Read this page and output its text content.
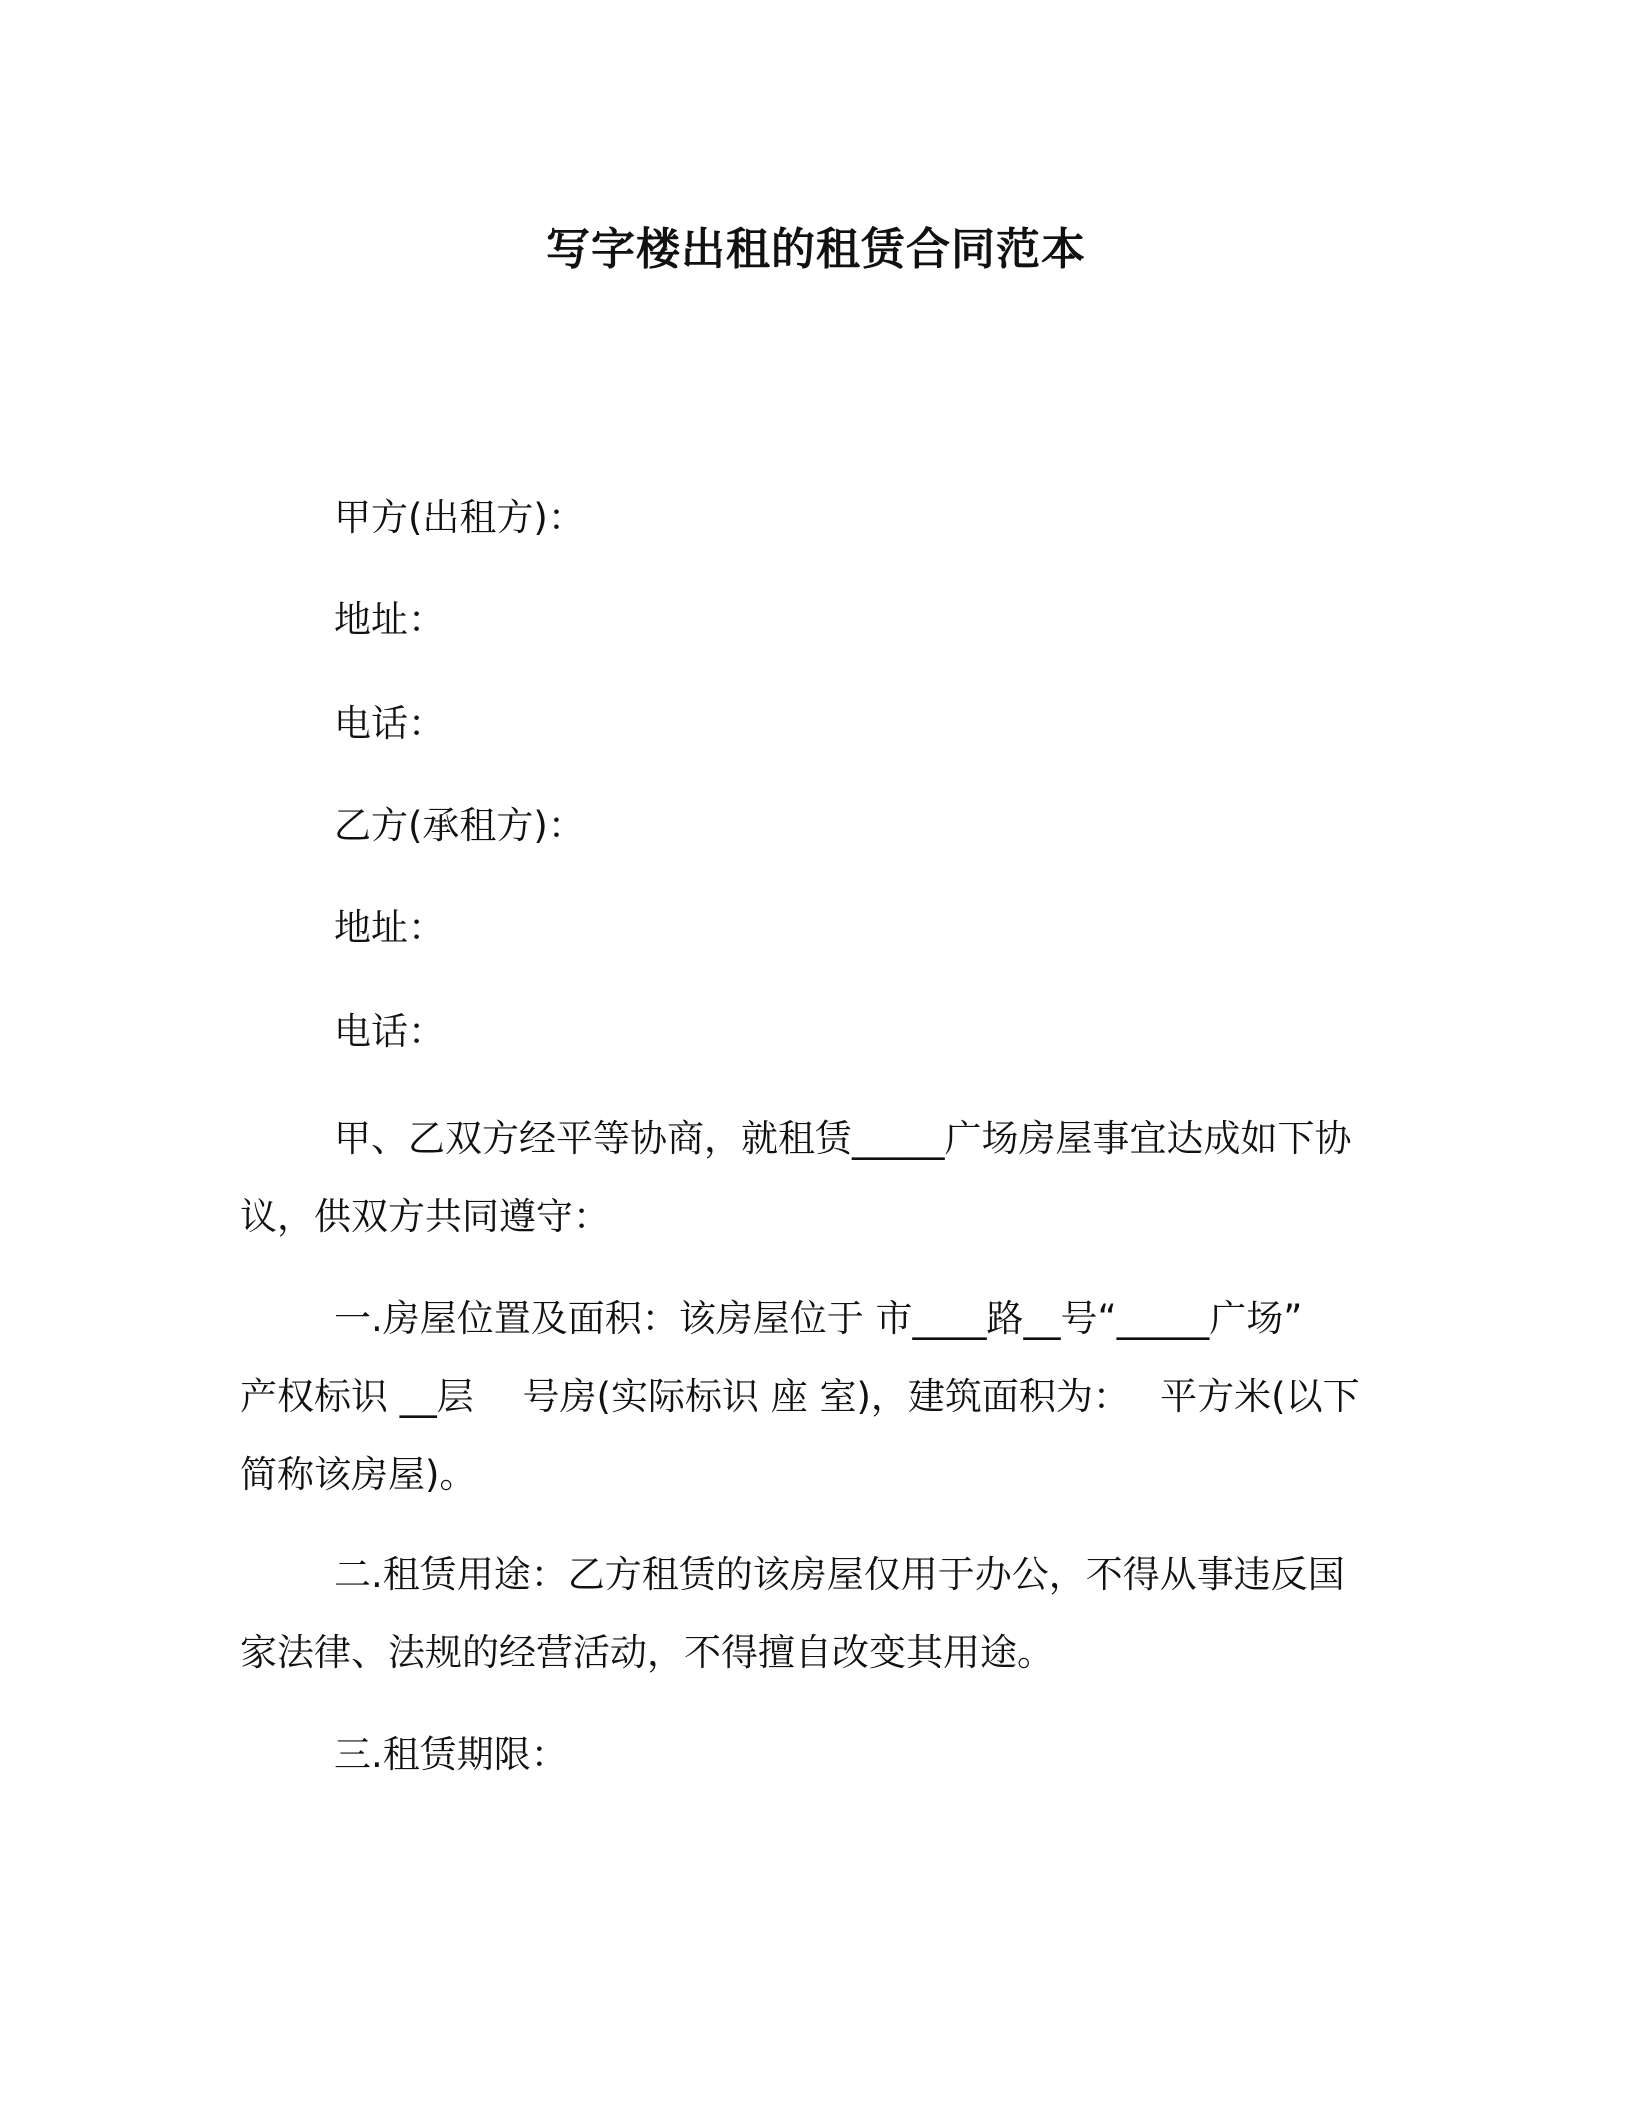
写字楼出租的租赁合同范本
甲方(出租方)：
地址：
电话：
乙方(承租方)：
地址：
电话：
甲、乙双方经平等协商，就租赁_____广场房屋事宜达成如下协
议，供双方共同遵守：
一.房屋位置及面积：该房屋位于 市____路__号“_____广场”
产权标识 __层　 号房(实际标识 座 室)，建筑面积为：　 平方米(以下
简称该房屋)。
二.租赁用途：乙方租赁的该房屋仅用于办公，不得从事违反国
家法律、法规的经营活动，不得擅自改变其用途。
三.租赁期限：
